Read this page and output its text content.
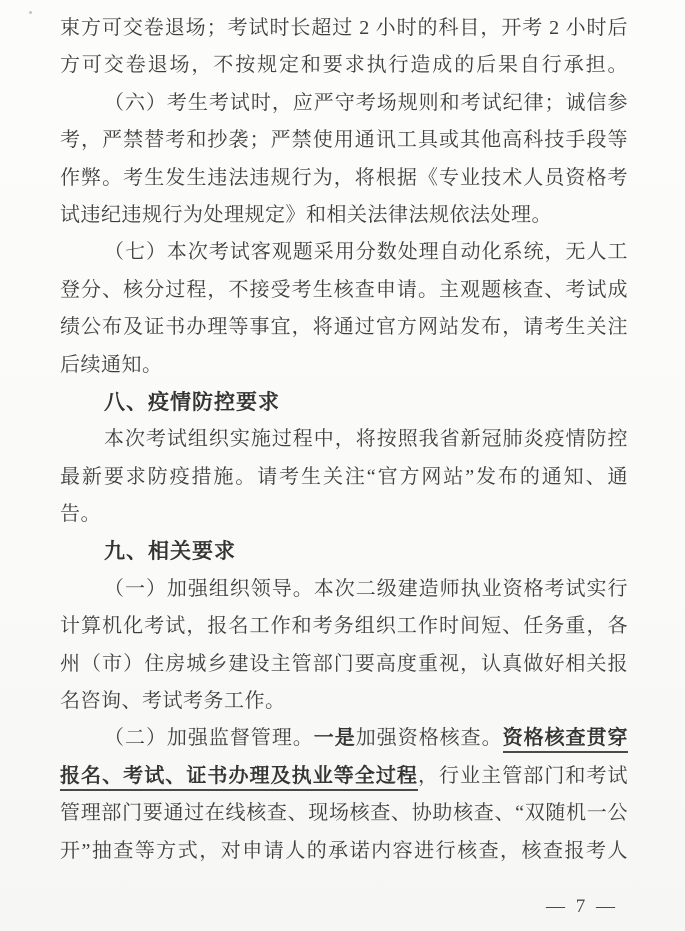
束方可交卷退场；考试时长超过 2 小时的科目，开考 2 小时后
方可交卷退场，不按规定和要求执行造成的后果自行承担。
（六）考生考试时，应严守考场规则和考试纪律；诚信参
考，严禁替考和抄袭；严禁使用通讯工具或其他高科技手段等
作弊。考生发生违法违规行为，将根据《专业技术人员资格考
试违纪违规行为处理规定》和相关法律法规依法处理。
（七）本次考试客观题采用分数处理自动化系统，无人工
登分、核分过程，不接受考生核查申请。主观题核查、考试成
绩公布及证书办理等事宜，将通过官方网站发布，请考生关注
后续通知。
八、疫情防控要求
本次考试组织实施过程中，将按照我省新冠肺炎疫情防控
最新要求防疫措施。请考生关注“官方网站”发布的通知、通
告。
九、相关要求
（一）加强组织领导。本次二级建造师执业资格考试实行
计算机化考试，报名工作和考务组织工作时间短、任务重，各
州（市）住房城乡建设主管部门要高度重视，认真做好相关报
名咨询、考试考务工作。
（二）加强监督管理。一是加强资格核查。资格核查贯穿
报名、考试、证书办理及执业等全过程，行业主管部门和考试
管理部门要通过在线核查、现场核查、协助核查、“双随机一公
开”抽查等方式，对申请人的承诺内容进行核查，核查报考人
— 7 —
